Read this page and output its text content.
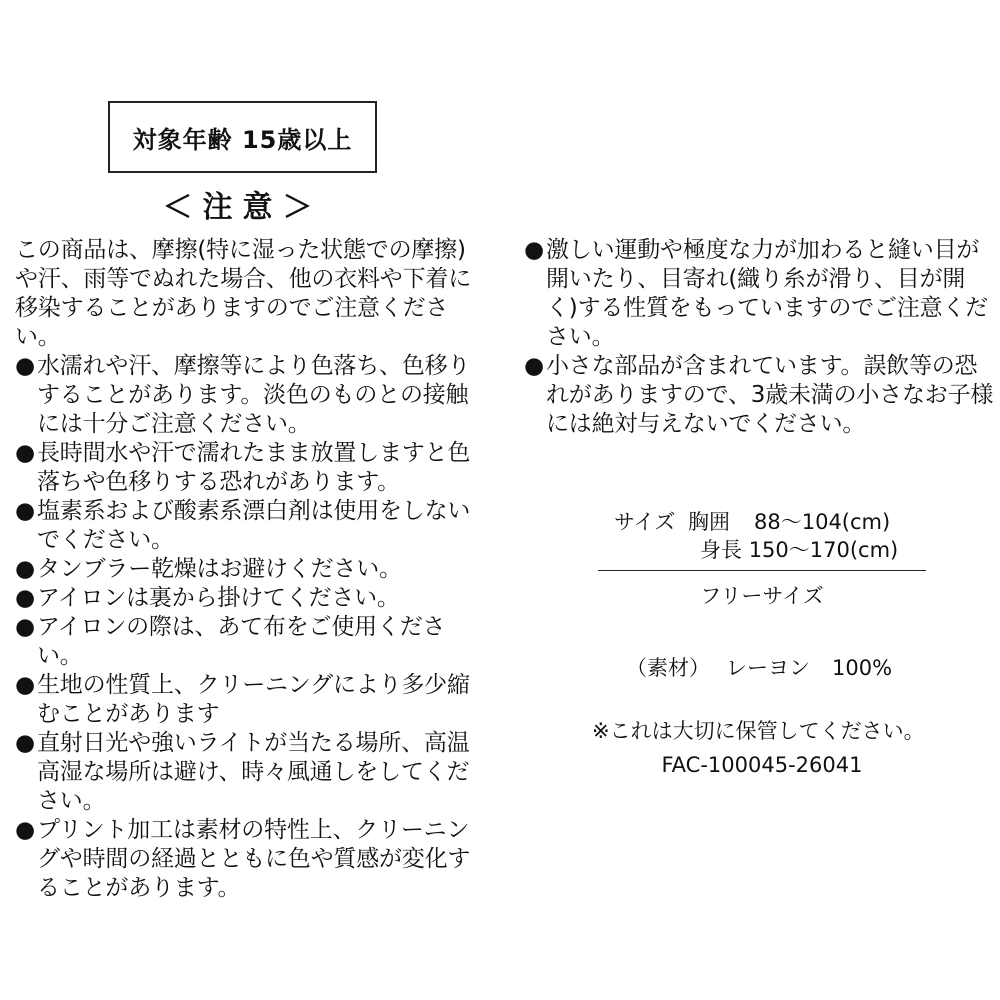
対象年齢 15歳以上
＜注意＞

この商品は、摩擦(特に湿った状態での摩擦)や汗、雨等でぬれた場合、他の衣料や下着に移染することがありますのでご注意ください。

● 水濡れや汗、摩擦等により色落ち、色移りすることがあります。淡色のものとの接触には十分ご注意ください。
● 長時間水や汗で濡れたまま放置しますと色落ちや色移りする恐れがあります。
● 塩素系および酸素系漂白剤は使用をしないでください。
● タンブラー乾燥はお避けください。
● アイロンは裏から掛けてください。
● アイロンの際は、あて布をご使用ください。
● 生地の性質上、クリーニングにより多少縮むことがあります
● 直射日光や強いライトが当たる場所、高温高湿な場所は避け、時々風通しをしてください。
● プリント加工は素材の特性上、クリーニングや時間の経過とともに色や質感が変化することがあります。
● 激しい運動や極度な力が加わると縫い目が開いたり、目寄れ(織り糸が滑り、目が開く)する性質をもっていますのでご注意ください。
● 小さな部品が含まれています。誤飲等の恐れがありますので、3歳未満の小さなお子様には絶対与えないでください。
サイズ 胸囲 88〜104(cm)
身長 150〜170(cm)
フリーサイズ
（素材） レーヨン 100%
※これは大切に保管してください。
FAC-100045-26041
